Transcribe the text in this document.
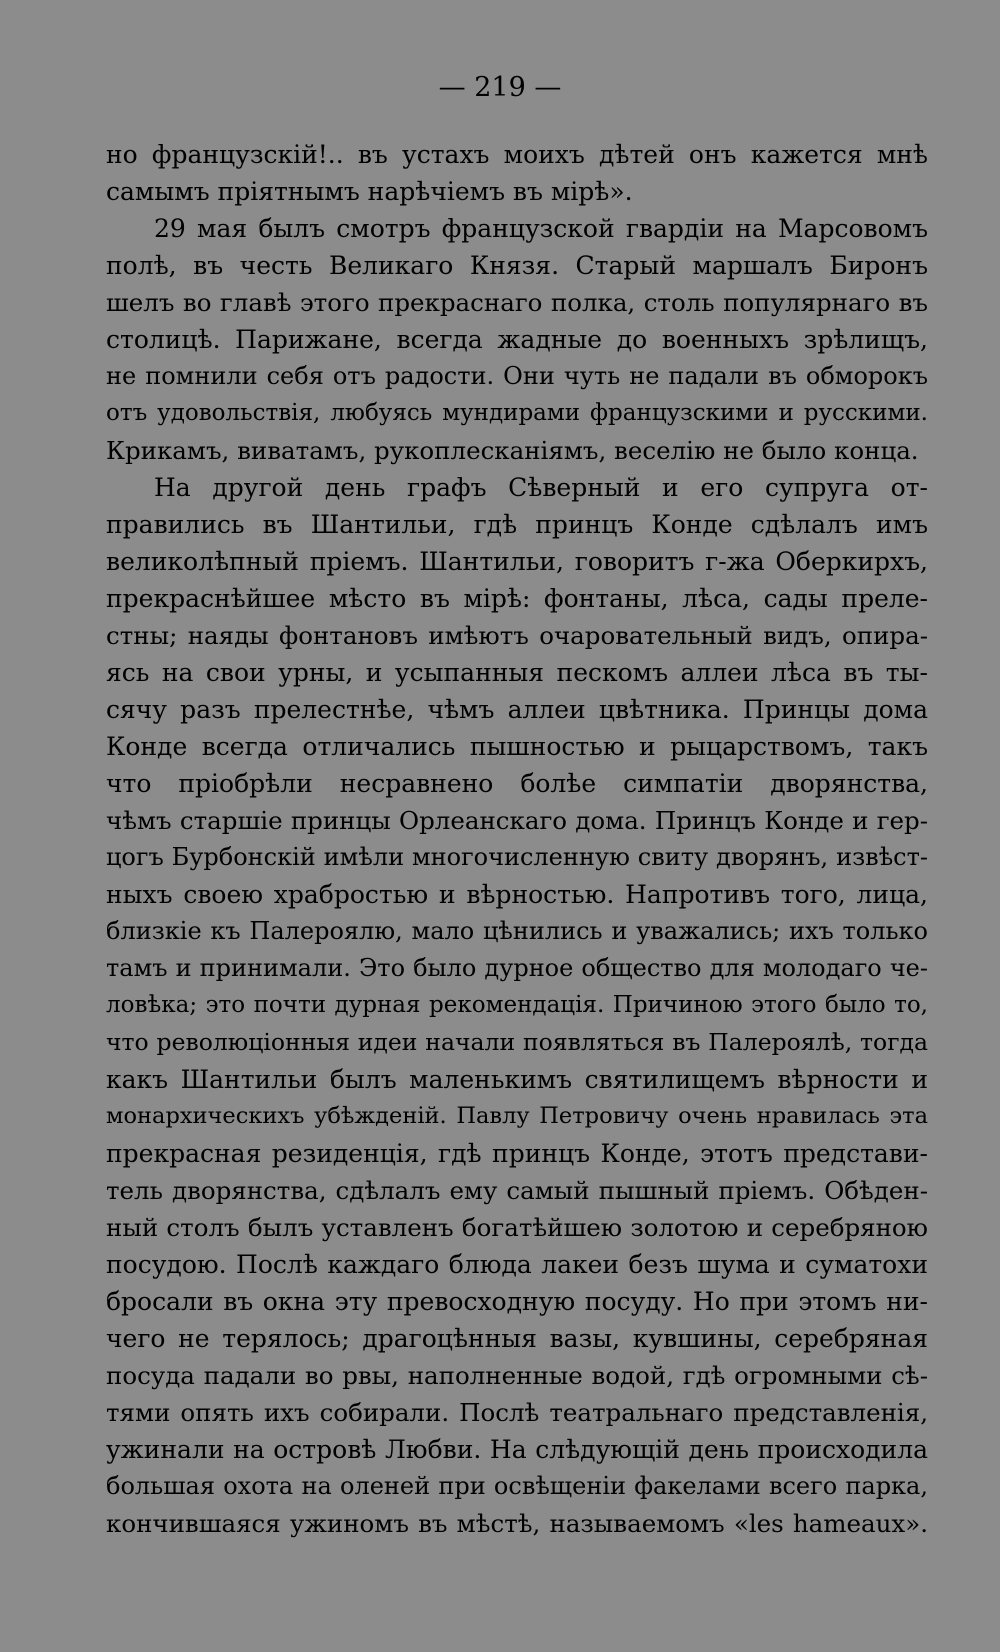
— 219 —
но французскій!.. въ устахъ моихъ дѣтей онъ кажется мнѣ
самымъ пріятнымъ нарѣчіемъ въ мірѣ».
29 мая былъ смотръ французской гвардіи на Марсовомъ
полѣ, въ честь Великаго Князя. Старый маршалъ Биронъ
шелъ во главѣ этого прекраснаго полка, столь популярнаго въ
столицѣ. Парижане, всегда жадные до военныхъ зрѣлищъ,
не помнили себя отъ радости. Они чуть не падали въ обморокъ
отъ удовольствія, любуясь мундирами французскими и русскими.
Крикамъ, виватамъ, рукоплесканіямъ, веселію не было конца.
На другой день графъ Сѣверный и его супруга от-
правились въ Шантильи, гдѣ принцъ Конде сдѣлалъ имъ
великолѣпный пріемъ. Шантильи, говоритъ г-жа Оберкирхъ,
прекраснѣйшее мѣсто въ мірѣ: фонтаны, лѣса, сады преле-
стны; наяды фонтановъ имѣютъ очаровательный видъ, опира-
ясь на свои урны, и усыпанныя пескомъ аллеи лѣса въ ты-
сячу разъ прелестнѣе, чѣмъ аллеи цвѣтника. Принцы дома
Конде всегда отличались пышностью и рыцарствомъ, такъ
что пріобрѣли несравнено болѣе симпатіи дворянства,
чѣмъ старшіе принцы Орлеанскаго дома. Принцъ Конде и гер-
цогъ Бурбонскій имѣли многочисленную свиту дворянъ, извѣст-
ныхъ своею храбростью и вѣрностью. Напротивъ того, лица,
близкіе къ Палероялю, мало цѣнились и уважались; ихъ только
тамъ и принимали. Это было дурное общество для молодаго че-
ловѣка; это почти дурная рекомендація. Причиною этого было то,
что революціонныя идеи начали появляться въ Палероялѣ, тогда
какъ Шантильи былъ маленькимъ святилищемъ вѣрности и
монархическихъ убѣжденій. Павлу Петровичу очень нравилась эта
прекрасная резиденція, гдѣ принцъ Конде, этотъ представи-
тель дворянства, сдѣлалъ ему самый пышный пріемъ. Обѣден-
ный столъ былъ уставленъ богатѣйшею золотою и серебряною
посудою. Послѣ каждаго блюда лакеи безъ шума и суматохи
бросали въ окна эту превосходную посуду. Но при этомъ ни-
чего не терялось; драгоцѣнныя вазы, кувшины, серебряная
посуда падали во рвы, наполненные водой, гдѣ огромными сѣ-
тями опять ихъ собирали. Послѣ театральнаго представленія,
ужинали на островѣ Любви. На слѣдующій день происходила
большая охота на оленей при освѣщеніи факелами всего парка,
кончившаяся ужиномъ въ мѣстѣ, называемомъ «les hameaux».
